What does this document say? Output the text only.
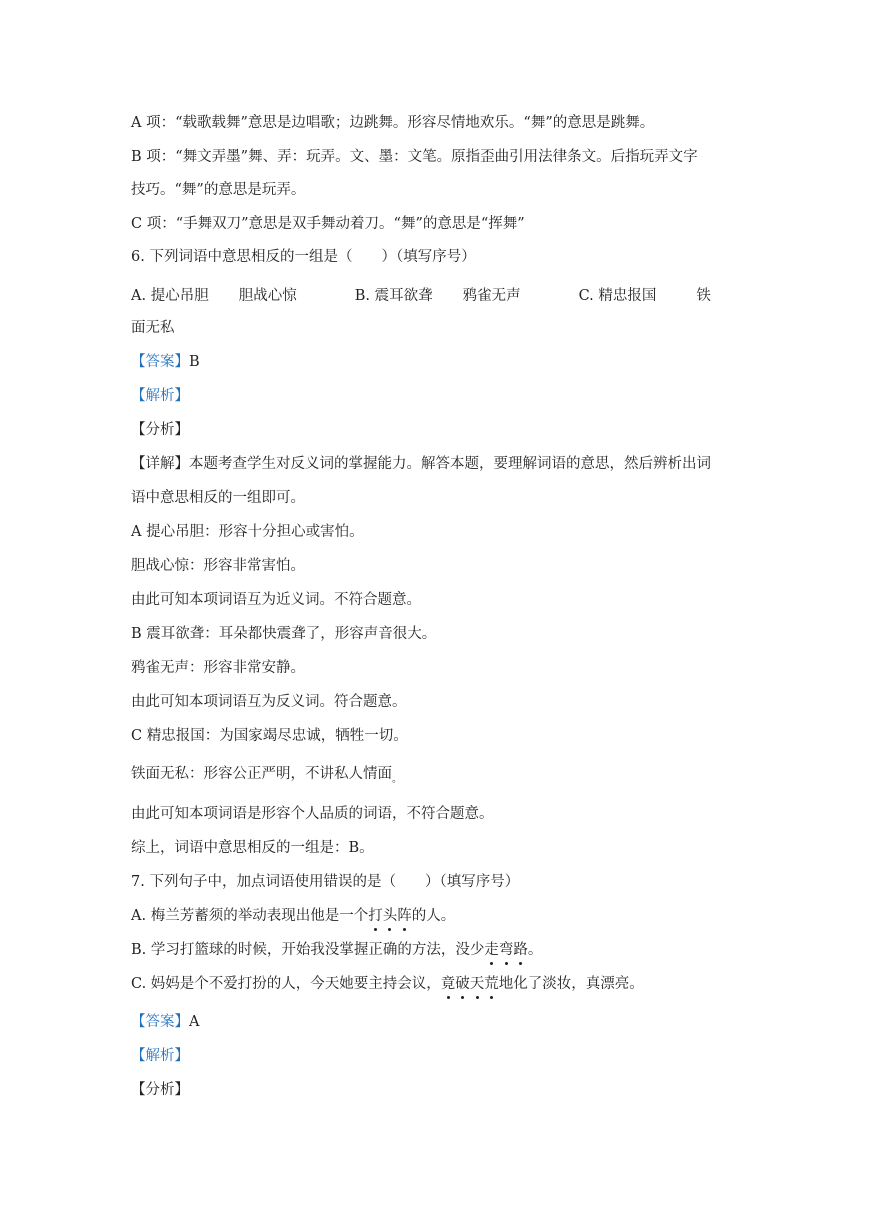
A 项：“载歌载舞”意思是边唱歌；边跳舞。形容尽情地欢乐。“舞”的意思是跳舞。
B 项：“舞文弄墨”舞、弄：玩弄。文、墨：文笔。原指歪曲引用法律条文。后指玩弄文字
技巧。“舞”的意思是玩弄。
C 项：“手舞双刀”意思是双手舞动着刀。“舞”的意思是“挥舞”
6. 下列词语中意思相反的一组是（　　）（填写序号）
A. 提心吊胆 胆战心惊	B. 震耳欲聋 鸦雀无声	C. 精忠报国	铁
面无私
【答案】B
【解析】
【分析】
【详解】本题考查学生对反义词的掌握能力。解答本题，要理解词语的意思，然后辨析出词
语中意思相反的一组即可。
A 提心吊胆：形容十分担心或害怕。
胆战心惊：形容非常害怕。
由此可知本项词语互为近义词。不符合题意。
B 震耳欲聋：耳朵都快震聋了，形容声音很大。
鸦雀无声：形容非常安静。
由此可知本项词语互为反义词。符合题意。
C 精忠报国：为国家竭尽忠诚，牺牲一切。
铁面无私：形容公正严明，不讲私人情面$_。$
由此可知本项词语是形容个人品质的词语，不符合题意。
综上，词语中意思相反的一组是：B。
7. 下列句子中，加点词语使用错误的是（　　）（填写序号）
A. 梅兰芳蓄须的举动表现出他是一个打头阵的人。
B. 学习打篮球的时候，开始我没掌握正确的方法，没少走弯路。
C. 妈妈是个不爱打扮的人，今天她要主持会议，竟破天荒地化了淡妆，真漂亮。
【答案】A
【解析】
【分析】
